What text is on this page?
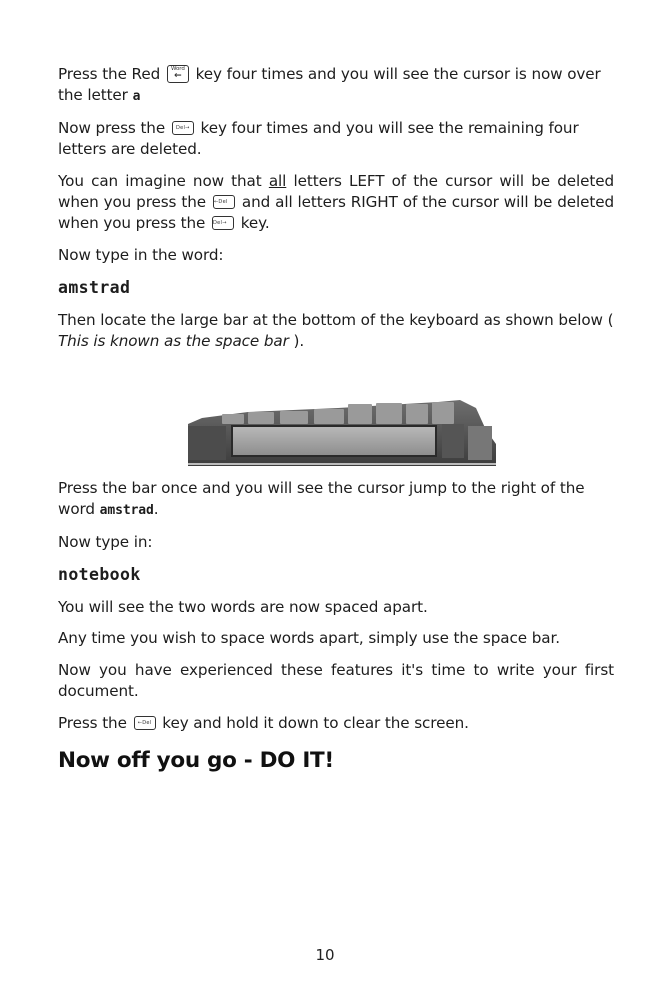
Press the Red	Word
← key four times and you will see the cursor is now over the letter a

Now press the	Del→ key four times and you will see the remaining four letters are deleted.

You can imagine now that all letters LEFT of the cursor will be deleted when you press the ←Del and all letters RIGHT of the cursor will be deleted when you press the Del→ key.

Now type in the word:

amstrad

Then locate the large bar at the bottom of the keyboard as shown below ( This is known as the space bar ).

Press the bar once and you will see the cursor jump to the right of the word amstrad.

Now type in:

notebook

You will see the two words are now spaced apart.

Any time you wish to space words apart, simply use the space bar.

Now you have experienced these features it's time to write your first document.

Press the	←Del key and hold it down to clear the screen.

Now off you go - DO IT!
10
